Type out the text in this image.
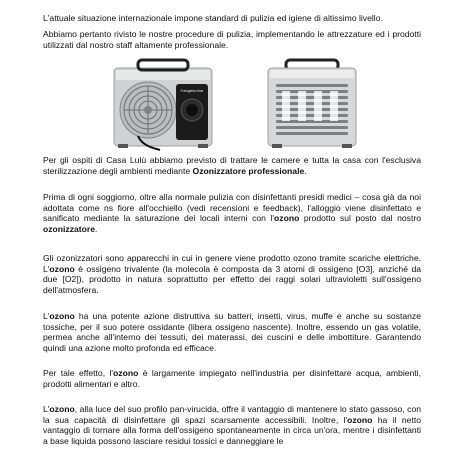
L'attuale situazione internazionale impone standard di pulizia ed igiene di altissimo livello.

Abbiamo pertanto rivisto le nostre procedure di pulizia, implementando le attrezzature ed i prodotti utilizzati dal nostro staff altamente professionale.

Fumigation time

Per gli ospiti di Casa Lulù abbiamo previsto di trattare le camere e tutta la casa con l'esclusiva sterilizzazione degli ambienti mediante Ozonizzatore professionale.

Prima di ogni soggiorno, oltre alla normale pulizia con disinfettanti presidi medici – cosa già da noi adottata come ns fiore all'occhiello (vedi recensioni e feedback), l'alloggio viene disinfettato e sanificato mediante la saturazione dei locali interni con l'ozono prodotto sul posto dal nostro ozonizzatore.

Gli ozonizzatori sono apparecchi in cui in genere viene prodotto ozono tramite scariche elettriche. L'ozono è ossigeno trivalente (la molecola è composta da 3 atomi di ossigeno [O3], anziché da due [O2]), prodotto in natura soprattutto per effetto dei raggi solari ultravioletti sull'ossigeno dell'atmosfera.

L'ozono ha una potente azione distruttiva su batteri, insetti, virus, muffe e anche su sostanze tossiche, per il suo potere ossidante (libera ossigeno nascente). Inoltre, essendo un gas volatile, permea anche all'interno dei tessuti, dei materassi, dei cuscini e delle imbottiture. Garantendo quindi una azione molto profonda ed efficace.

Per tale effetto, l'ozono è largamente impiegato nell'industria per disinfettare acqua, ambienti, prodotti alimentari e altro.

L'ozono, alla luce del suo profilo pan-virucida, offre il vantaggio di mantenere lo stato gassoso, con la sua capacità di disinfettare gli spazi scarsamente accessibili. Inoltre, l'ozono ha il netto vantaggio di tornare alla forma dell'ossigeno spontaneamente in circa un'ora, mentre i disinfettanti a base liquida possono lasciare residui tossici e danneggiare le
